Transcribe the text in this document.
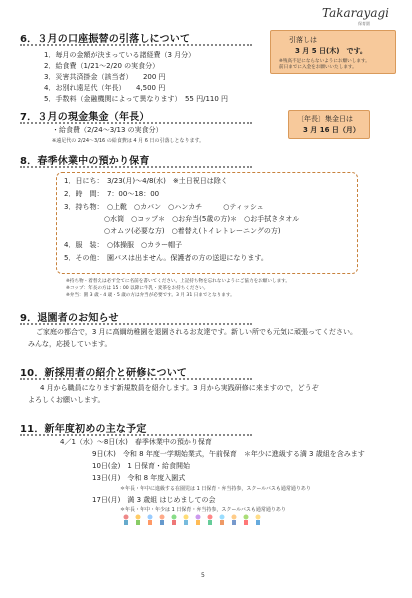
Takarayagi
保育園
6．３月の口座振替の引落しについて
1．毎月の金額が決まっている諸経費（3 月分）
2．給食費（1/21〜2/20 の実食分）
3．災害共済掛金（該当者）　　200 円
4．お別れ遠足代（年長）　　4,500 円
5．手数料（金融機関によって異なります）　55 円/110 円
引落しは
3 月 5 日(木)　です。
※残高不足にならないようにお願いします。
前日までに入金をお願いいたします。
7．３月の現金集金（年長）
・給食費（2/24〜3/13 の実食分）
※遠足代の 2/24〜3/16 の給食費は 4 月 6 日の引落しとなります。
〔年長〕集金日は
3 月 16 日（月）
8．春季休業中の預かり保育
1．日にち：　3/23(月)〜4/8(水)　※土日祝日は除く
2．時　間：　7：00〜18：00
3．持ち物：　○上靴　○カバン　○ハンカチ　　　○ティッシュ
○水筒　○コップ＊　○お弁当(5歳の方)＊　○お手拭きタオル
○オムツ(必要な方)　○着替え(トイレトレーニングの方)
4．服　装：　○体操服　○カラー帽子
5．その他：　園バスは出ません。保護者の方の送迎になります。
※持ち物・着替えは必ず全てに名前を書いてください。上記持ち物を忘れないようにご協力をお願いします。
※コップ：年長の方は 15 : 00 以降に牛乳・麦茶をお持ちください。
※弁当：園 3 歳・4 歳・5 歳の方は弁当が必要です。3 月 31 日までとなります。
9．退園者のお知らせ
ご家庭の都合で，3 月に高綱幼稚園を退園されるお友達です。新しい所でも元気に頑張ってください。
みんな，応援しています。
10．新採用者の紹介と研修について
4 月から職員になります新規数員を紹介します。3 月から実践研修に来ますので，どうぞ
よろしくお願いします。
11．新年度初めの主な予定
4／1（水）〜8日(水)　春季休業中の預かり保育
9日(木)　令和 8 年度一学期始業式，午前保育　＊年少に進級する満 3 歳組を含みます
10日(金)　1 日保育・給食開始
13日(月)　令和 8 年度入園式
＊年長・年中に進級する在園児は 1 日保育・弁当持参，スクールバスも通常通りあり
17日(月)　満 3 歳組 はじめましての会
＊年長・年中・年少は 1 日保育・弁当持参，スクールバスも通常通りあり
5
